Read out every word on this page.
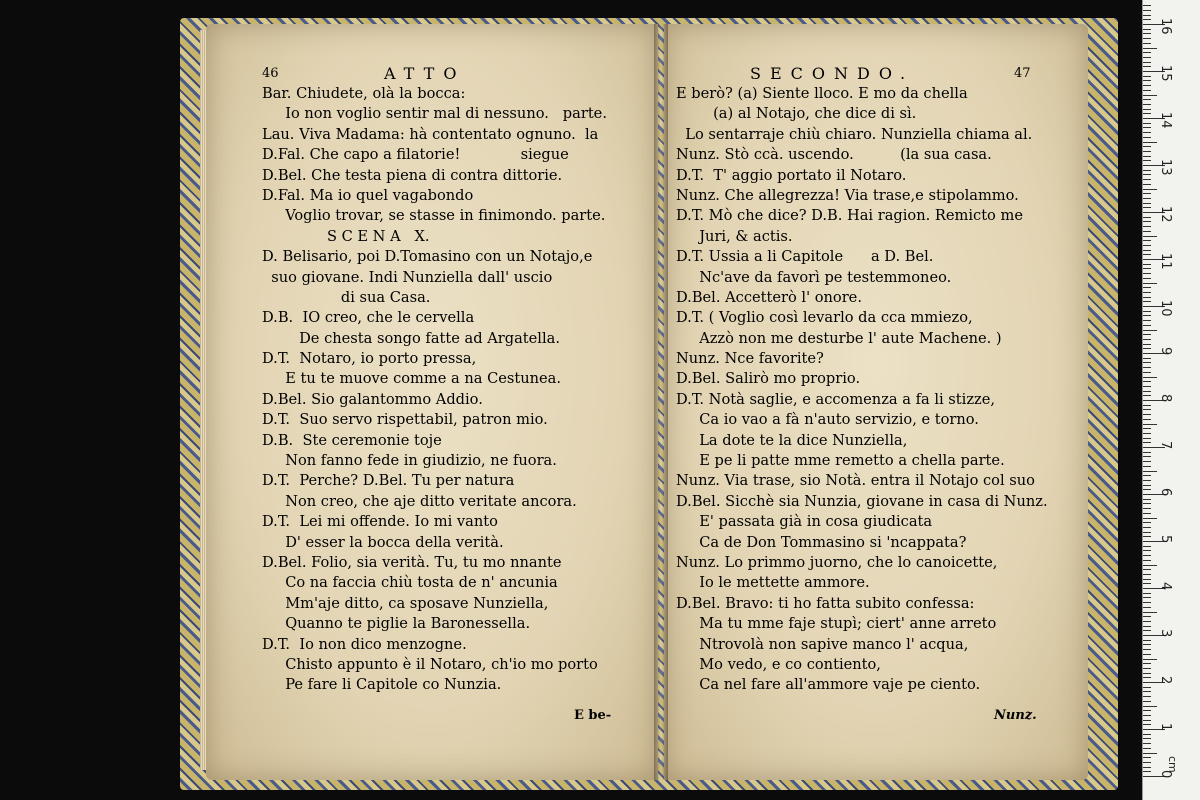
46	ATTO
Bar. Chiudete, olà la bocca:
Io non voglio sentir mal di nessuno.   parte.
Lau. Viva Madama: hà contentato ognuno.  la
D.Fal. Che capo a filatorie!             siegue
D.Bel. Che testa piena di contra dittorie.
D.Fal. Ma io quel vagabondo
Voglio trovar, se stasse in finimondo. parte.
S C E N A   X.
D. Belisario, poi D.Tomasino con un Notajo,e
suo giovane. Indi Nunziella dall' uscio
di sua Casa.
D.B.  IO creo, che le cervella
De chesta songo fatte ad Argatella.
D.T.  Notaro, io porto pressa,
E tu te muove comme a na Cestunea.
D.Bel. Sio galantommo Addio.
D.T.  Suo servo rispettabil, patron mio.
D.B.  Ste ceremonie toje
Non fanno fede in giudizio, ne fuora.
D.T.  Perche? D.Bel. Tu per natura
Non creo, che aje ditto veritate ancora.
D.T.  Lei mi offende. Io mi vanto
D' esser la bocca della verità.
D.Bel. Folio, sia verità. Tu, tu mo nnante
Co na faccia chiù tosta de n' ancunia
Mm'aje ditto, ca sposave Nunziella,
Quanno te piglie la Baronessella.
D.T.  Io non dico menzogne.
Chisto appunto è il Notaro, ch'io mo porto
Pe fare li Capitole co Nunzia.
E be-
SECONDO.	47
E berò? (a) Siente lloco. E mo da chella
(a) al Notajo, che dice di sì.
Lo sentarraje chiù chiaro. Nunziella chiama al.
Nunz. Stò ccà. uscendo.          (la sua casa.
D.T.  T' aggio portato il Notaro.
Nunz. Che allegrezza! Via trase,e stipolammo.
D.T. Mò che dice? D.B. Hai ragion. Remicto me
Juri, & actis.
D.T. Ussia a li Capitole      a D. Bel.
Nc'ave da favorì pe testemmoneo.
D.Bel. Accetterò l' onore.
D.T. ( Voglio così levarlo da cca mmiezo,
Azzò non me desturbe l' aute Machene. )
Nunz. Nce favorite?
D.Bel. Salirò mo proprio.
D.T. Notà saglie, e accomenza a fa li stizze,
Ca io vao a fà n'auto servizio, e torno.
La dote te la dice Nunziella,
E pe li patte mme remetto a chella parte.
Nunz. Via trase, sio Notà. entra il Notajo col suo
D.Bel. Sicchè sia Nunzia, giovane in casa di Nunz.
E' passata già in cosa giudicata
Ca de Don Tommasino si 'ncappata?
Nunz. Lo primmo juorno, che lo canoicette,
Io le mettette ammore.
D.Bel. Bravo: ti ho fatta subito confessa:
Ma tu mme faje stupì; ciert' anne arreto
Ntrovolà non sapive manco l' acqua,
Mo vedo, e co contiento,
Ca nel fare all'ammore vaje pe ciento.
Nunz.
cm
0
1
2
3
4
5
6
7
8
9
10
11
12
13
14
15
16
